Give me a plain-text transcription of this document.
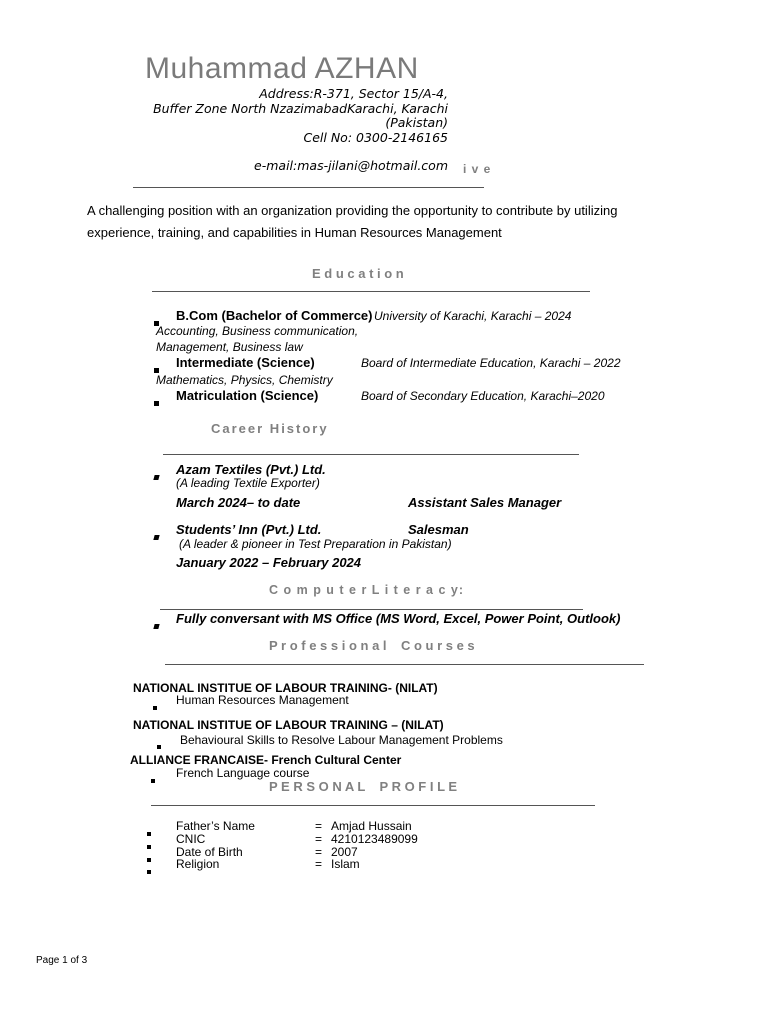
Muhammad AZHAN
Address:R-371, Sector 15/A-4,
Buffer Zone North NzazimabadKarachi, Karachi
(Pakistan)
Cell No: 0300-2146165
e-mail:mas-jilani@hotmail.com i v e
A challenging position with an organization providing the opportunity to contribute by utilizing
experience, training, and capabilities in Human Resources Management
E d u c a t i o n
B.Com (Bachelor of Commerce) University of Karachi, Karachi – 2024
Accounting, Business communication,
Management, Business law
Intermediate (Science)	Board of Intermediate Education, Karachi – 2022
Mathematics, Physics, Chemistry
Matriculation (Science)	Board of Secondary Education, Karachi–2020
Career History
Azam Textiles (Pvt.) Ltd.
(A leading Textile Exporter)
March 2024– to date	Assistant Sales Manager
Students’ Inn (Pvt.) Ltd.	Salesman
(A leader & pioneer in Test Preparation in Pakistan)
January 2022 – February 2024
C o m p u t e r L i t e r a c y:
Fully conversant with MS Office (MS Word, Excel, Power Point, Outlook)
P r o f e s s i o n a l    C o u r s e s
NATIONAL INSTITUE OF LABOUR TRAINING- (NILAT)
Human Resources Management
NATIONAL INSTITUE OF LABOUR TRAINING – (NILAT)
Behavioural Skills to Resolve Labour Management Problems
ALLIANCE FRANCAISE- French Cultural Center
French Language course
P E R S O N A L    P R O F I L E
Father’s Name	= Amjad Hussain
CNIC	= 4210123489099
Date of Birth	= 2007
Religion	= Islam
Page 1 of 3
